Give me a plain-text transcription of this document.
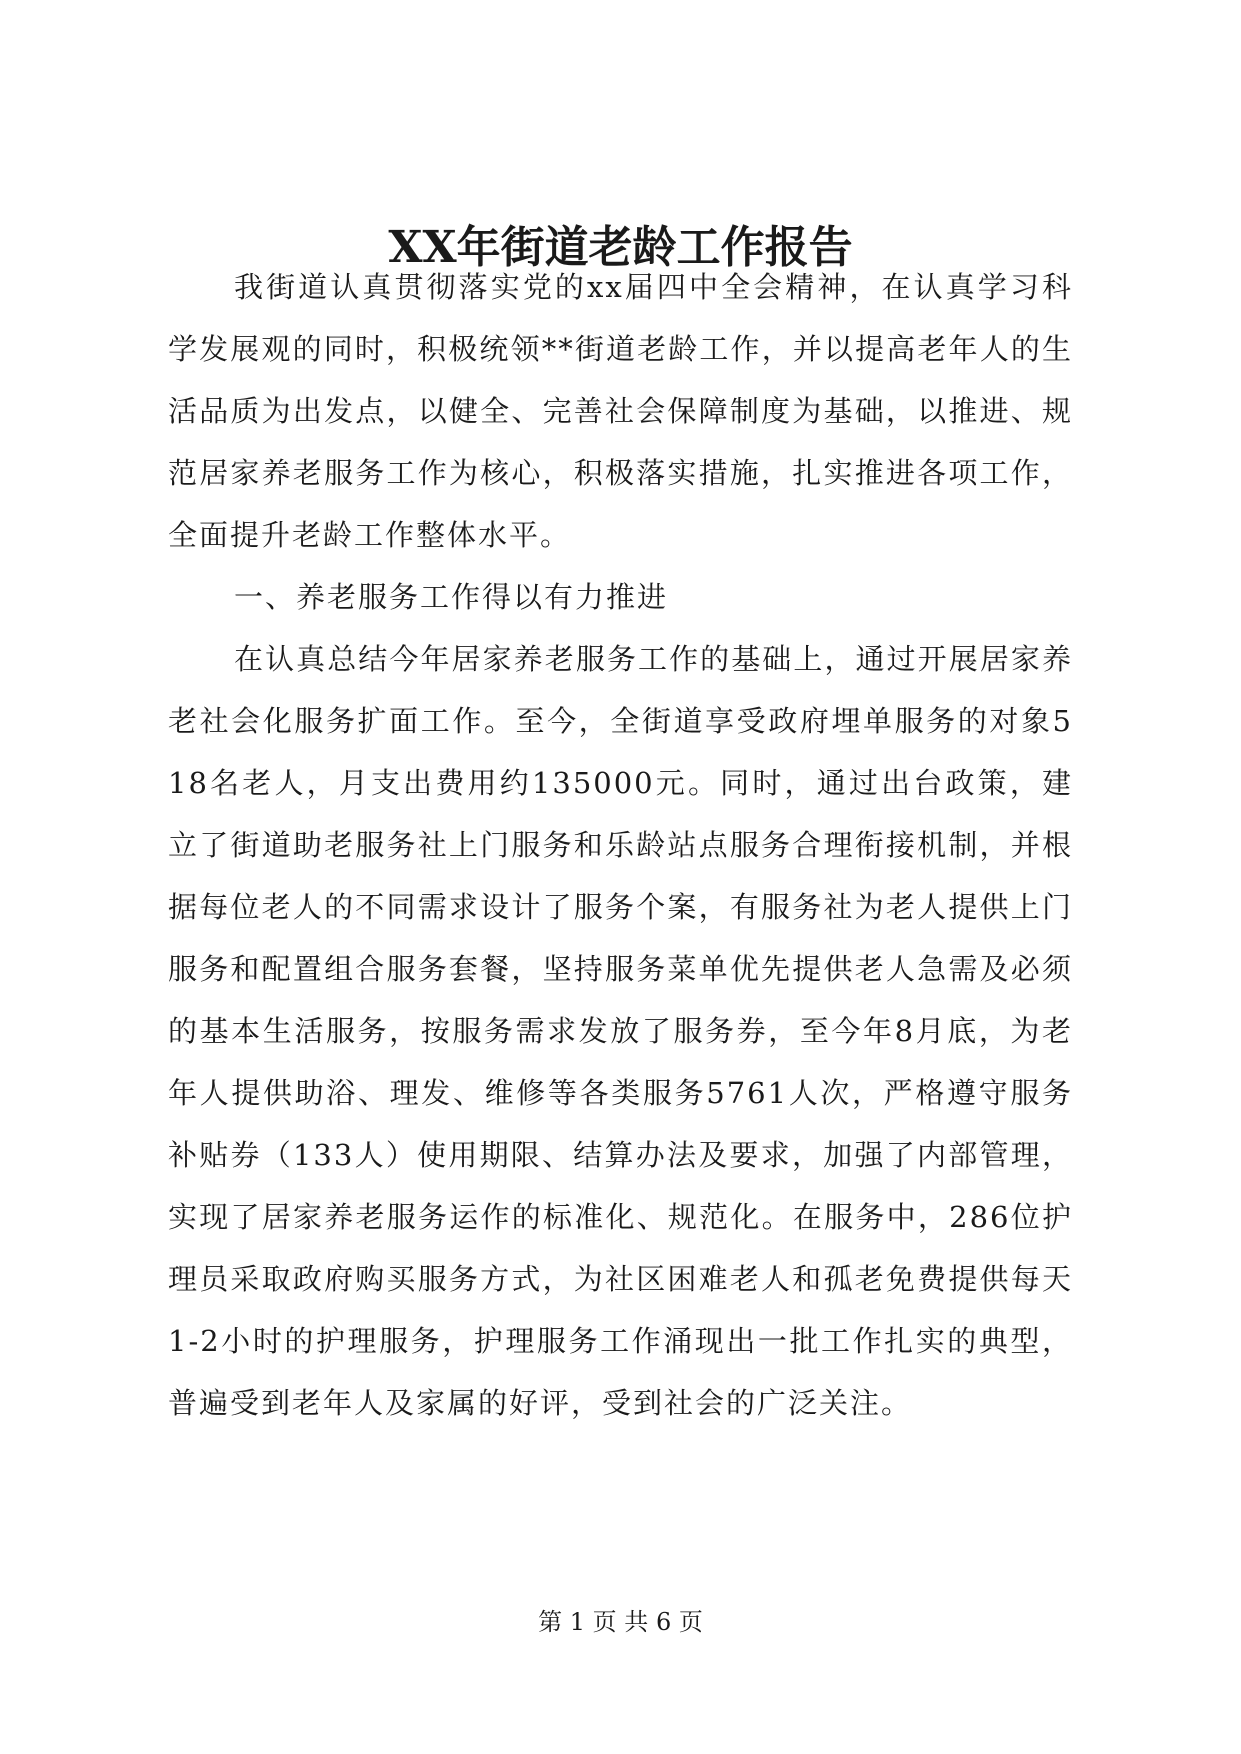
XX年街道老龄工作报告

我街道认真贯彻落实党的xx届四中全会精神，在认真学习科学发展观的同时，积极统领**街道老龄工作，并以提高老年人的生活品质为出发点，以健全、完善社会保障制度为基础，以推进、规范居家养老服务工作为核心，积极落实措施，扎实推进各项工作，全面提升老龄工作整体水平。

一、养老服务工作得以有力推进

在认真总结今年居家养老服务工作的基础上，通过开展居家养老社会化服务扩面工作。至今，全街道享受政府埋单服务的对象518名老人，月支出费用约135000元。同时，通过出台政策，建立了街道助老服务社上门服务和乐龄站点服务合理衔接机制，并根据每位老人的不同需求设计了服务个案，有服务社为老人提供上门服务和配置组合服务套餐，坚持服务菜单优先提供老人急需及必须的基本生活服务，按服务需求发放了服务券，至今年8月底，为老年人提供助浴、理发、维修等各类服务5761人次，严格遵守服务补贴券（133人）使用期限、结算办法及要求，加强了内部管理，实现了居家养老服务运作的标准化、规范化。在服务中，286位护理员采取政府购买服务方式，为社区困难老人和孤老免费提供每天1-2小时的护理服务，护理服务工作涌现出一批工作扎实的典型，普遍受到老年人及家属的好评，受到社会的广泛关注。

第 1 页 共 6 页
